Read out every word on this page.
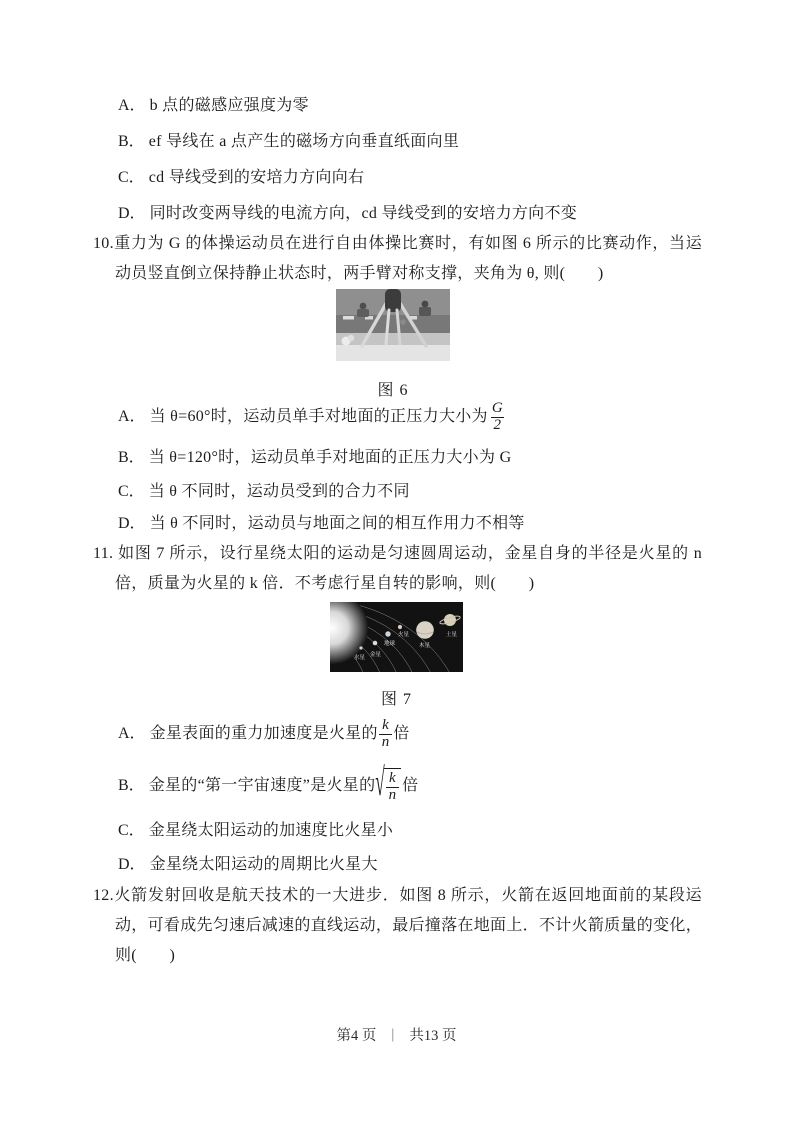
A． b 点的磁感应强度为零
B． ef 导线在 a 点产生的磁场方向垂直纸面向里
C． cd 导线受到的安培力方向向右
D． 同时改变两导线的电流方向，cd 导线受到的安培力方向不变
10.重力为 G 的体操运动员在进行自由体操比赛时，有如图 6 所示的比赛动作，当运动员竖直倒立保持静止状态时，两手臂对称支撑，夹角为 θ, 则(　　)
图 6
A． 当 θ=60°时，运动员单手对地面的正压力大小为 $\frac{G}{2}$
B． 当 θ=120°时，运动员单手对地面的正压力大小为 G
C． 当 θ 不同时，运动员受到的合力不同
D． 当 θ 不同时，运动员与地面之间的相互作用力不相等
11. 如图 7 所示，设行星绕太阳的运动是匀速圆周运动，金星自身的半径是火星的 n 倍，质量为火星的 k 倍．不考虑行星自转的影响，则(　　)
水星 金星
地球
火星
木星
土星
图 7
A． 金星表面的重力加速度是火星的 $\frac{k}{n}$ 倍
B． 金星的“第一宇宙速度”是火星的 √ $\frac{k}{n}$ 倍
C． 金星绕太阳运动的加速度比火星小
D． 金星绕太阳运动的周期比火星大
12.火箭发射回收是航天技术的一大进步．如图 8 所示，火箭在返回地面前的某段运动，可看成先匀速后减速的直线运动，最后撞落在地面上．不计火箭质量的变化，则(　　)
第4 页 ｜ 共13 页
